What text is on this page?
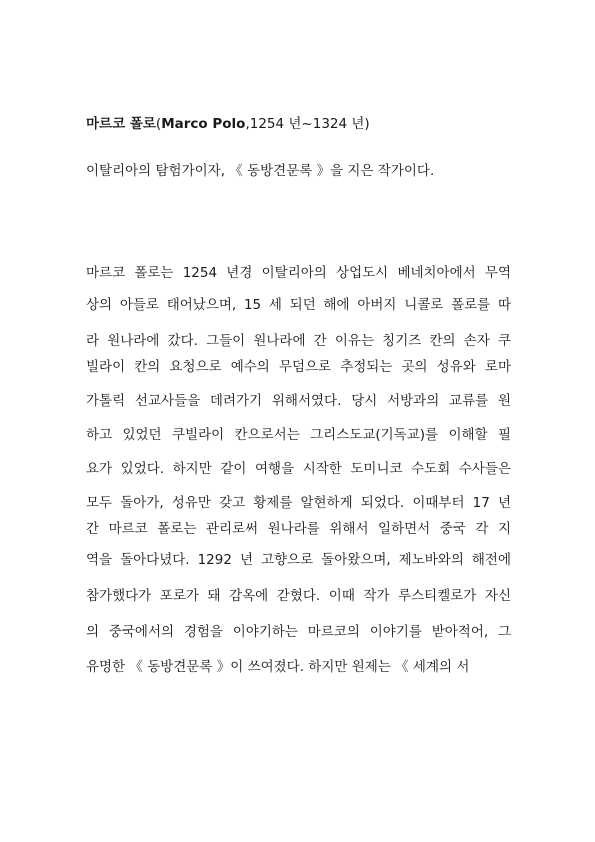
마르코 폴로(Marco Polo,1254 년~1324 년)
이탈리아의 탐험가이자, 《 동방견문록 》을 지은 작가이다.
마르코 폴로는 1254 년경 이탈리아의 상업도시 베네치아에서 무역
상의 아들로 태어났으며, 15 세 되던 해에 아버지 니콜로 폴로를 따
라 원나라에 갔다. 그들이 원나라에 간 이유는 칭기즈 칸의 손자 쿠
빌라이 칸의 요청으로 예수의 무덤으로 추정되는 곳의 성유와 로마
가톨릭 선교사들을 데려가기 위해서였다. 당시 서방과의 교류를 원
하고 있었던 쿠빌라이 칸으로서는 그리스도교(기독교)를 이해할 필
요가 있었다. 하지만 같이 여행을 시작한 도미니코 수도회 수사들은
모두 돌아가, 성유만 갖고 황제를 알현하게 되었다. 이때부터 17 년
간 마르코 폴로는 관리로써 원나라를 위해서 일하면서 중국 각 지
역을 돌아다녔다. 1292 년 고향으로 돌아왔으며, 제노바와의 해전에
참가했다가 포로가 돼 감옥에 갇혔다. 이때 작가 루스티켈로가 자신
의 중국에서의 경험을 이야기하는 마르코의 이야기를 받아적어, 그
유명한 《 동방견문록 》이 쓰여졌다. 하지만 원제는 《 세계의 서
